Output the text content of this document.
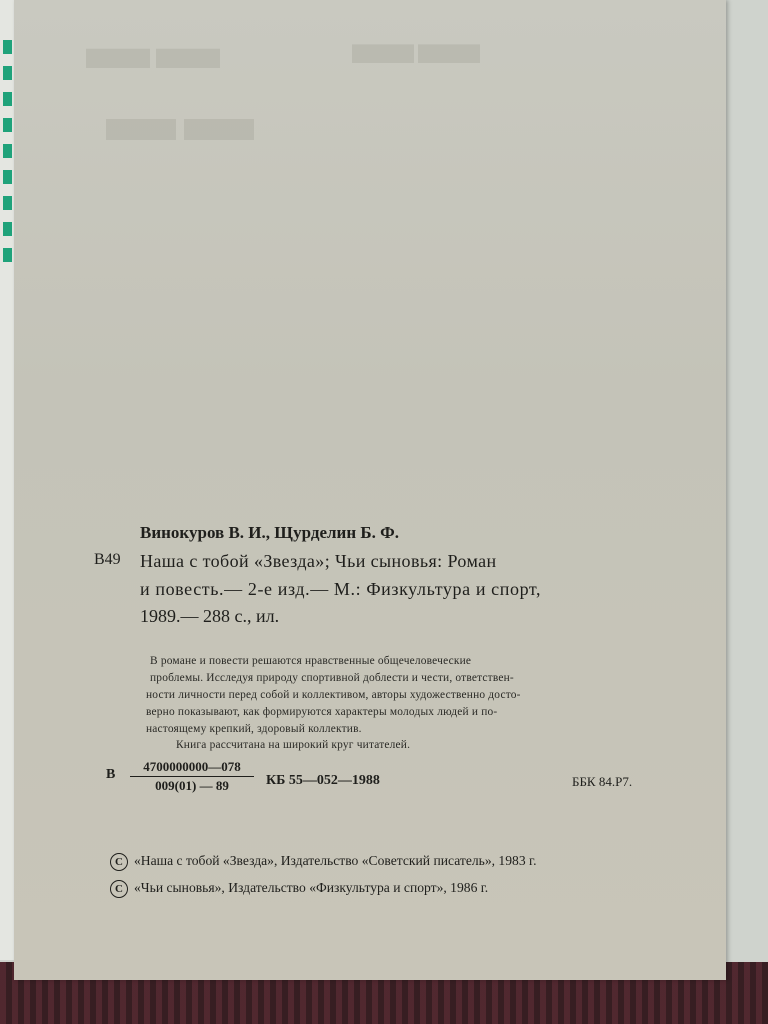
▬▬
▬▬
▬▬
Винокуров В. И., Щурделин Б. Ф.
В49 Наша с тобой «Звезда»; Чьи сыновья: Роман
и повесть.— 2-е изд.— М.: Физкультура и спорт,
1989.— 288 с., ил.
В романе и повести решаются нравственные общечеловеческие
проблемы. Исследуя природу спортивной доблести и чести, ответствен-
ности личности перед собой и коллективом, авторы художественно досто-
верно показывают, как формируются характеры молодых людей и по-
настоящему крепкий, здоровый коллектив.
Книга рассчитана на широкий круг читателей.
В $\frac{4700000000—078}{009(01) — 89}$ КБ 55—052—1988	ББК 84.Р7.
С «Наша с тобой «Звезда», Издательство «Советский писатель», 1983 г.
С «Чьи сыновья», Издательство «Физкультура и спорт», 1986 г.
